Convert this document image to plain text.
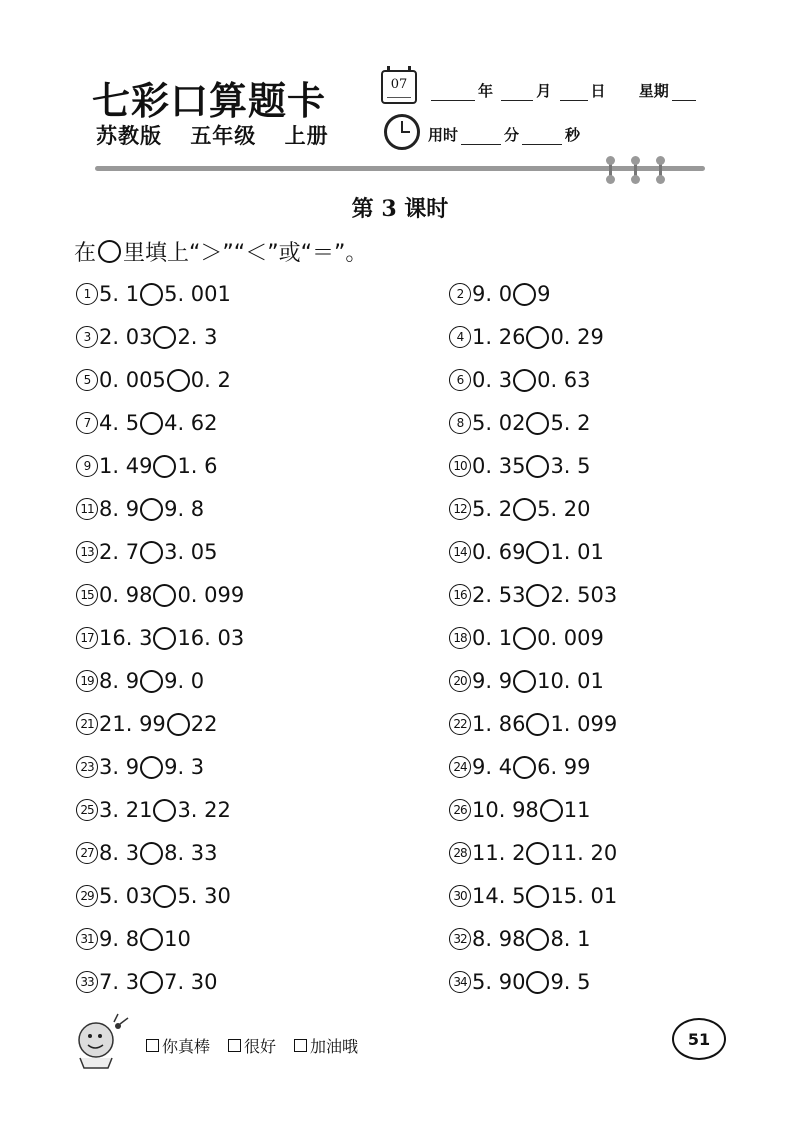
七彩口算题卡
苏教版 五年级 上册
07	年	月	日 星期
用时	分	秒
第 3 课时
在 里填上“＞”“＜”或“＝”。
1 5. 1 5. 001	2 9. 0 9
3 2. 03 2. 3	4 1. 26 0. 29
5 0. 005 0. 2	6 0. 3 0. 63
7 4. 5 4. 62	8 5. 02 5. 2
9 1. 49 1. 6	10 0. 35 3. 5
11 8. 9 9. 8	12 5. 2 5. 20
13 2. 7 3. 05	14 0. 69 1. 01
15 0. 98 0. 099	16 2. 53 2. 503
17 16. 3 16. 03	18 0. 1 0. 009
19 8. 9 9. 0	20 9. 9 10. 01
21 21. 99 22	22 1. 86 1. 099
23 3. 9 9. 3	24 9. 4 6. 99
25 3. 21 3. 22	26 10. 98 11
27 8. 3 8. 33	28 11. 2 11. 20
29 5. 03 5. 30	30 14. 5 15. 01
31 9. 8 10	32 8. 98 8. 1
33 7. 3 7. 30	34 5. 90 9. 5
你真棒 很好 加油哦	51
